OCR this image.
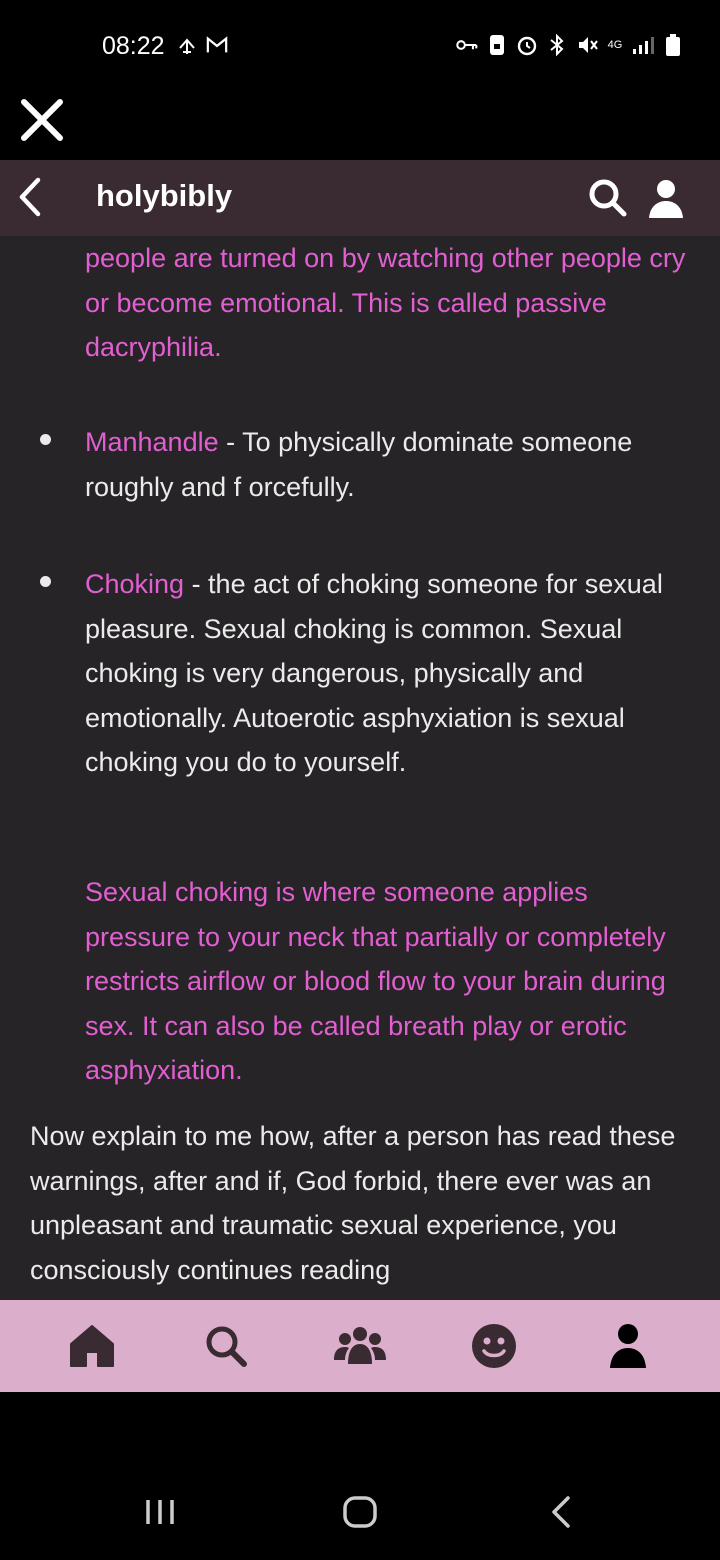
08:22	4G
holybibly

people are turned on by watching other people cry or become emotional. This is called passive dacryphilia.

Manhandle - To physically dominate someone roughly and f orcefully.

Choking - the act of choking someone for sexual pleasure. Sexual choking is common. Sexual choking is very dangerous, physically and emotionally. Autoerotic asphyxiation is sexual choking you do to yourself.

Sexual choking is where someone applies pressure to your neck that partially or completely restricts airflow or blood flow to your brain during sex. It can also be called breath play or erotic asphyxiation.

Now explain to me how, after a person has read these warnings, after and if, God forbid, there ever was an unpleasant and traumatic sexual experience, you consciously continues reading
